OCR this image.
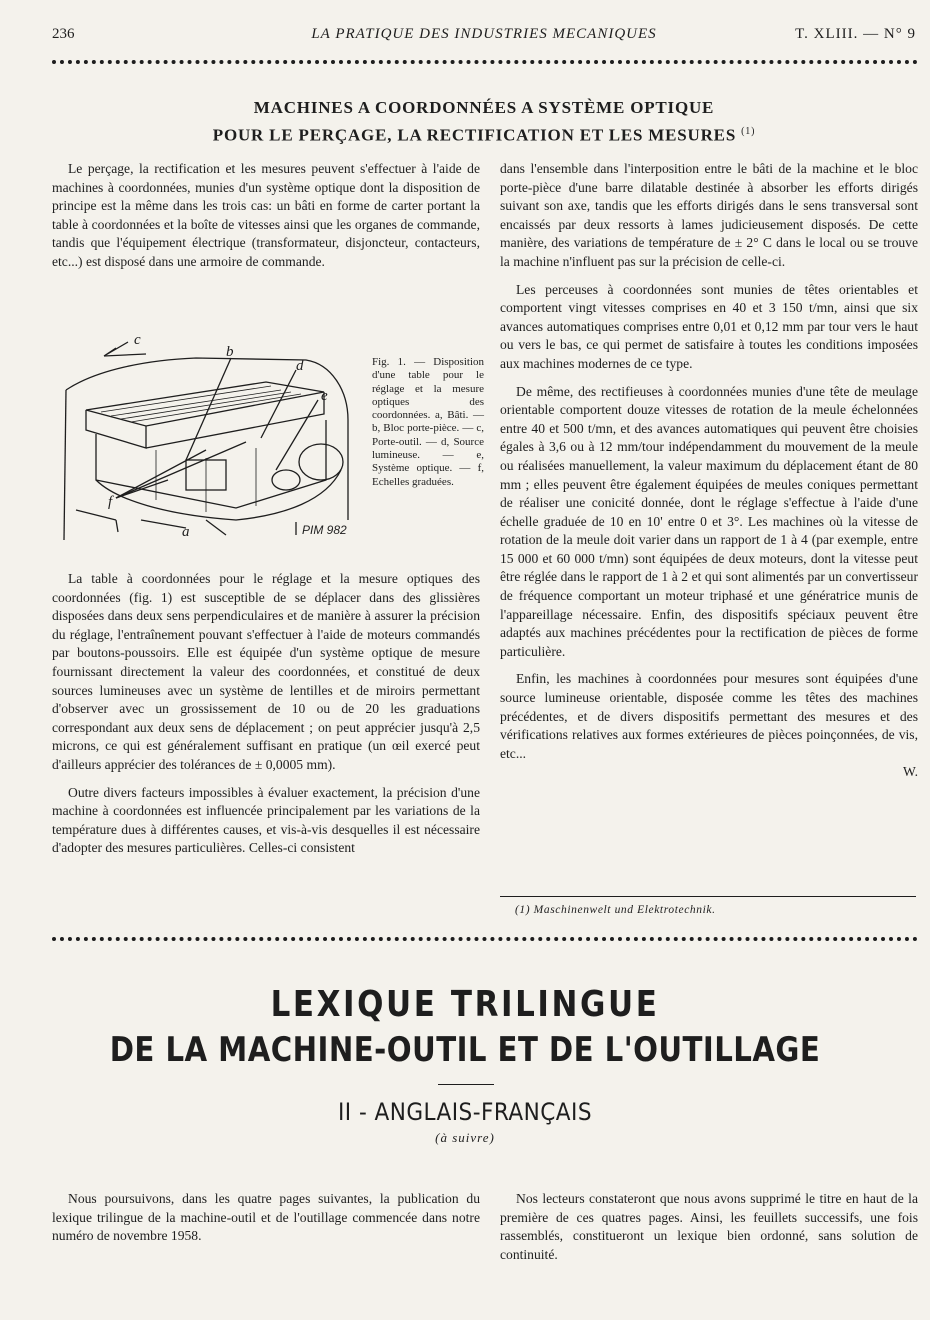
236	LA PRATIQUE DES INDUSTRIES MECANIQUES	T. XLIII. — N° 9
MACHINES A COORDONNÉES A SYSTÈME OPTIQUE
POUR LE PERÇAGE, LA RECTIFICATION ET LES MESURES $^{(1)}$

Le perçage, la rectification et les mesures peuvent s'effectuer à l'aide de machines à coordonnées, munies d'un système optique dont la disposition de principe est la même dans les trois cas: un bâti en forme de carter portant la table à coordonnées et la boîte de vitesses ainsi que les organes de commande, tandis que l'équipement électrique (transformateur, disjoncteur, contacteurs, etc...) est disposé dans une armoire de commande.

c
b
d
e
f
a	PIM 982
Fig. 1. — Disposition d'une table pour le réglage et la mesure optiques des coordonnées. a, Bâti. — b, Bloc porte-pièce. — c, Porte-outil. — d, Source lumineuse. — e, Système optique. — f, Echelles graduées.

La table à coordonnées pour le réglage et la mesure optiques des coordonnées (fig. 1) est susceptible de se déplacer dans des glissières disposées dans deux sens perpendiculaires et de manière à assurer la précision du réglage, l'entraînement pouvant s'effectuer à l'aide de moteurs commandés par boutons-poussoirs. Elle est équipée d'un système optique de mesure fournissant directement la valeur des coordonnées, et constitué de deux sources lumineuses avec un système de lentilles et de miroirs permettant d'observer avec un grossissement de 10 ou de 20 les graduations correspondant aux deux sens de déplacement ; on peut apprécier jusqu'à 2,5 microns, ce qui est généralement suffisant en pratique (un œil exercé peut d'ailleurs apprécier des tolérances de ± 0,0005 mm).

Outre divers facteurs impossibles à évaluer exactement, la précision d'une machine à coordonnées est influencée principalement par les variations de la température dues à différentes causes, et vis-à-vis desquelles il est nécessaire d'adopter des mesures particulières. Celles-ci consistent

dans l'ensemble dans l'interposition entre le bâti de la machine et le bloc porte-pièce d'une barre dilatable destinée à absorber les efforts dirigés suivant son axe, tandis que les efforts dirigés dans le sens transversal sont encaissés par deux ressorts à lames judicieusement disposés. De cette manière, des variations de température de ± 2° C dans le local ou se trouve la machine n'influent pas sur la précision de celle-ci.

Les perceuses à coordonnées sont munies de têtes orientables et comportent vingt vitesses comprises en 40 et 3 150 t/mn, ainsi que six avances automatiques comprises entre 0,01 et 0,12 mm par tour vers le haut ou vers le bas, ce qui permet de satisfaire à toutes les conditions imposées aux machines modernes de ce type.

De même, des rectifieuses à coordonnées munies d'une tête de meulage orientable comportent douze vitesses de rotation de la meule échelonnées entre 40 et 500 t/mn, et des avances automatiques qui peuvent être choisies égales à 3,6 ou à 12 mm/tour indépendamment du mouvement de la meule ou réalisées manuellement, la valeur maximum du déplacement étant de 80 mm ; elles peuvent être également équipées de meules coniques permettant de réaliser une conicité donnée, dont le réglage s'effectue à l'aide d'une échelle graduée de 10 en 10' entre 0 et 3°. Les machines où la vitesse de rotation de la meule doit varier dans un rapport de 1 à 4 (par exemple, entre 15 000 et 60 000 t/mn) sont équipées de deux moteurs, dont la vitesse peut être réglée dans le rapport de 1 à 2 et qui sont alimentés par un convertisseur de fréquence comportant un moteur triphasé et une génératrice munis de l'appareillage nécessaire. Enfin, des dispositifs spéciaux peuvent être adaptés aux machines précédentes pour la rectification de pièces de forme particulière.

Enfin, les machines à coordonnées pour mesures sont équipées d'une source lumineuse orientable, disposée comme les têtes des machines précédentes, et de divers dispositifs permettant des mesures et des vérifications relatives aux formes extérieures de pièces poinçonnées, de vis, etc...

W.
(1) Maschinenwelt und Elektrotechnik.
LEXIQUE TRILINGUE
DE LA MACHINE-OUTIL ET DE L'OUTILLAGE
II - ANGLAIS-FRANÇAIS
(à suivre)

Nous poursuivons, dans les quatre pages suivantes, la publication du lexique trilingue de la machine-outil et de l'outillage commencée dans notre numéro de novembre 1958.

Nos lecteurs constateront que nous avons supprimé le titre en haut de la première de ces quatres pages. Ainsi, les feuillets successifs, une fois rassemblés, constitueront un lexique bien ordonné, sans solution de continuité.
